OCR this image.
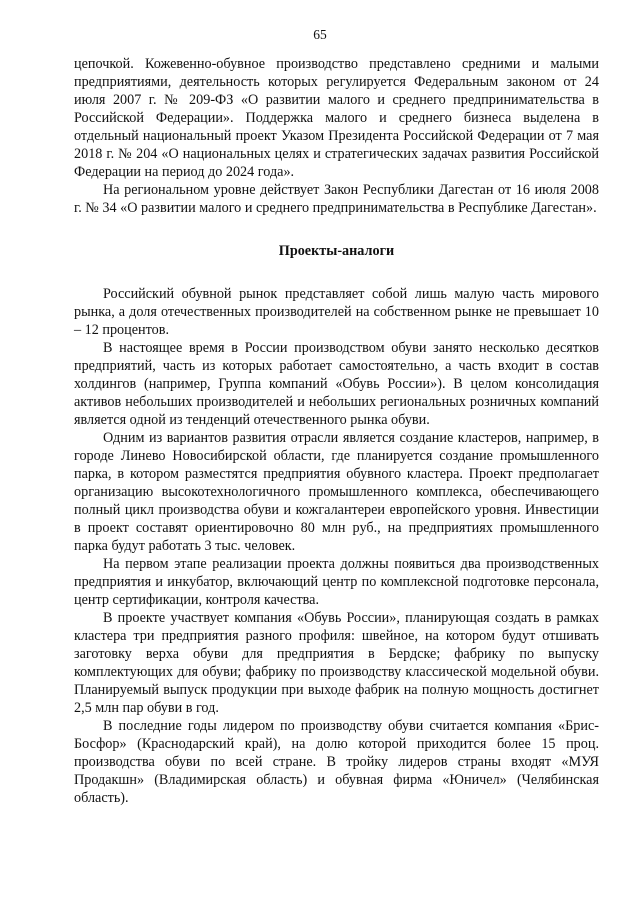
65

цепочкой. Кожевенно-обувное производство представлено средними и малыми предприятиями, деятельность которых регулируется Федеральным законом от 24 июля 2007 г. № 209-ФЗ «О развитии малого и среднего предпринимательства в Российской Федерации». Поддержка малого и среднего бизнеса выделена в отдельный национальный проект Указом Президента Российской Федерации от 7 мая 2018 г. № 204 «О национальных целях и стратегических задачах развития Российской Федерации на период до 2024 года».

На региональном уровне действует Закон Республики Дагестан от 16 июля 2008 г. № 34 «О развитии малого и среднего предпринимательства в Республике Дагестан».

Проекты-аналоги

Российский обувной рынок представляет собой лишь малую часть мирового рынка, а доля отечественных производителей на собственном рынке не превышает 10 – 12 процентов.

В настоящее время в России производством обуви занято несколько десятков предприятий, часть из которых работает самостоятельно, а часть входит в состав холдингов (например, Группа компаний «Обувь России»). В целом консолидация активов небольших производителей и небольших региональных розничных компаний является одной из тенденций отечественного рынка обуви.

Одним из вариантов развития отрасли является создание кластеров, например, в городе Линево Новосибирской области, где планируется создание промышленного парка, в котором разместятся предприятия обувного кластера. Проект предполагает организацию высокотехнологичного промышленного комплекса, обеспечивающего полный цикл производства обуви и кожгалантереи европейского уровня. Инвестиции в проект составят ориентировочно 80 млн руб., на предприятиях промышленного парка будут работать 3 тыс. человек.

На первом этапе реализации проекта должны появиться два производственных предприятия и инкубатор, включающий центр по комплексной подготовке персонала, центр сертификации, контроля качества.

В проекте участвует компания «Обувь России», планирующая создать в рамках кластера три предприятия разного профиля: швейное, на котором будут отшивать заготовку верха обуви для предприятия в Бердске; фабрику по выпуску комплектующих для обуви; фабрику по производству классической модельной обуви. Планируемый выпуск продукции при выходе фабрик на полную мощность достигнет 2,5 млн пар обуви в год.

В последние годы лидером по производству обуви считается компания «Брис-Босфор» (Краснодарский край), на долю которой приходится более 15 проц. производства обуви по всей стране. В тройку лидеров страны входят «МУЯ Продакшн» (Владимирская область) и обувная фирма «Юничел» (Челябинская область).
